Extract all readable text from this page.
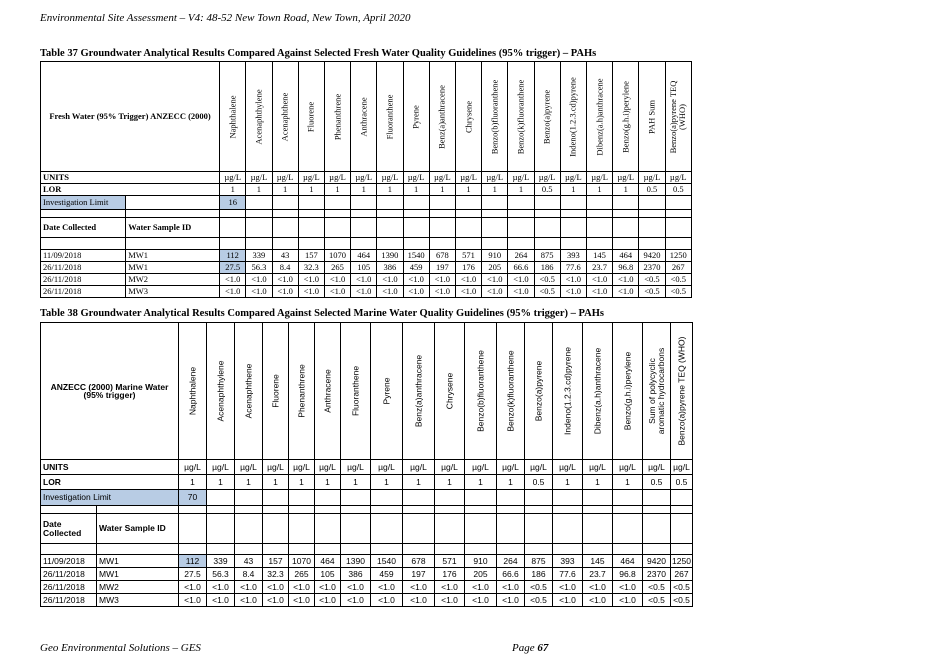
Environmental Site Assessment – V4: 48-52 New Town Road, New Town, April 2020
Table 37 Groundwater Analytical Results Compared Against Selected Fresh Water Quality Guidelines (95% trigger) – PAHs
Fresh Water (95% Trigger) ANZECC (2000)		Naphthalene	Acenaphthylene	Acenaphthene	Fluorene	Phenanthrene	Anthracene	Fluoranthene	Pyrene	Benz(a)anthracene	Chrysene	Benzo(b)fluoranthene	Benzo(k)fluoranthene	Benzo(a)pyrene	Indeno(1.2.3.cd)pyrene	Dibenz(a.h)anthracene	Benzo(g.h.i)perylene	PAH Sum	Benzo(a)pyrene TEQ (WHO)

UNITS		µg/L	µg/L	µg/L	µg/L	µg/L	µg/L	µg/L	µg/L	µg/L	µg/L	µg/L	µg/L	µg/L	µg/L	µg/L	µg/L	µg/L	µg/L
LOR		1	1	1	1	1	1	1	1	1	1	1	1	0.5	1	1	1	0.5	0.5
Investigation Limit		16																	

Date Collected	Water Sample ID																		

11/09/2018	MW1	112	339	43	157	1070	464	1390	1540	678	571	910	264	875	393	145	464	9420	1250
26/11/2018	MW1	27.5	56.3	8.4	32.3	265	105	386	459	197	176	205	66.6	186	77.6	23.7	96.8	2370	267
26/11/2018	MW2	<1.0	<1.0	<1.0	<1.0	<1.0	<1.0	<1.0	<1.0	<1.0	<1.0	<1.0	<1.0	<0.5	<1.0	<1.0	<1.0	<0.5	<0.5
26/11/2018	MW3	<1.0	<1.0	<1.0	<1.0	<1.0	<1.0	<1.0	<1.0	<1.0	<1.0	<1.0	<1.0	<0.5	<1.0	<1.0	<1.0	<0.5	<0.5
Table 38 Groundwater Analytical Results Compared Against Selected Marine Water Quality Guidelines (95% trigger) – PAHs
ANZECC (2000) Marine Water (95% trigger)		Naphthalene	Acenaphthylene	Acenaphthene	Fluorene	Phenanthrene	Anthracene	Fluoranthene	Pyrene	Benz(a)anthracene	Chrysene	Benzo(b)fluoranthene	Benzo(k)fluoranthene	Benzo(a)pyrene	Indeno(1.2.3.cd)pyrene	Dibenz(a.h)anthracene	Benzo(g.h.i)perylene	Sum of polycyclic aromatic hydrocarbons	Benzo(a)pyrene TEQ (WHO)

UNITS		µg/L	µg/L	µg/L	µg/L	µg/L	µg/L	µg/L	µg/L	µg/L	µg/L	µg/L	µg/L	µg/L	µg/L	µg/L	µg/L	µg/L	µg/L
LOR		1	1	1	1	1	1	1	1	1	1	1	1	0.5	1	1	1	0.5	0.5
Investigation Limit		70																	

Date Collected	Water Sample ID																		

11/09/2018	MW1	112	339	43	157	1070	464	1390	1540	678	571	910	264	875	393	145	464	9420	1250
26/11/2018	MW1	27.5	56.3	8.4	32.3	265	105	386	459	197	176	205	66.6	186	77.6	23.7	96.8	2370	267
26/11/2018	MW2	<1.0	<1.0	<1.0	<1.0	<1.0	<1.0	<1.0	<1.0	<1.0	<1.0	<1.0	<1.0	<0.5	<1.0	<1.0	<1.0	<0.5	<0.5
26/11/2018	MW3	<1.0	<1.0	<1.0	<1.0	<1.0	<1.0	<1.0	<1.0	<1.0	<1.0	<1.0	<1.0	<0.5	<1.0	<1.0	<1.0	<0.5	<0.5
Geo Environmental Solutions – GES	Page 67
